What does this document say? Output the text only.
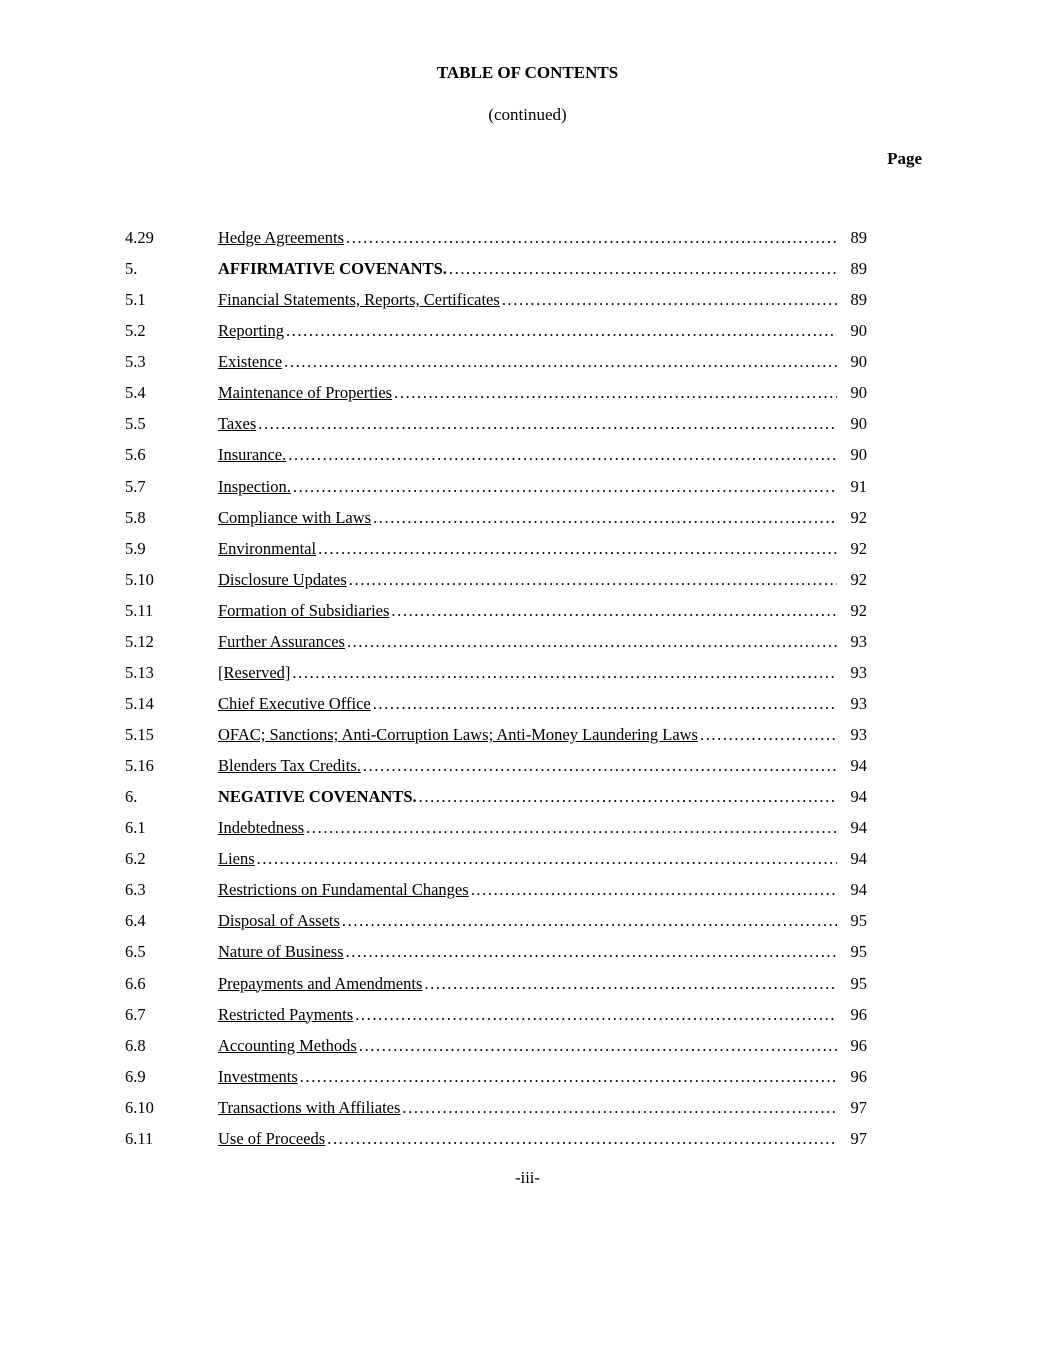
TABLE OF CONTENTS
(continued)
Page
4.29	Hedge Agreements .....	89
5.	AFFIRMATIVE COVENANTS. .....	89
5.1	Financial Statements, Reports, Certificates .....	89
5.2	Reporting .....	90
5.3	Existence .....	90
5.4	Maintenance of Properties .....	90
5.5	Taxes .....	90
5.6	Insurance. .....	90
5.7	Inspection. .....	91
5.8	Compliance with Laws .....	92
5.9	Environmental .....	92
5.10	Disclosure Updates .....	92
5.11	Formation of Subsidiaries .....	92
5.12	Further Assurances .....	93
5.13	[Reserved] .....	93
5.14	Chief Executive Office .....	93
5.15	OFAC; Sanctions; Anti-Corruption Laws; Anti-Money Laundering Laws .....	93
5.16	Blenders Tax Credits. .....	94
6.	NEGATIVE COVENANTS. .....	94
6.1	Indebtedness .....	94
6.2	Liens .....	94
6.3	Restrictions on Fundamental Changes .....	94
6.4	Disposal of Assets .....	95
6.5	Nature of Business .....	95
6.6	Prepayments and Amendments .....	95
6.7	Restricted Payments .....	96
6.8	Accounting Methods .....	96
6.9	Investments .....	96
6.10	Transactions with Affiliates .....	97
6.11	Use of Proceeds .....	97
-iii-
